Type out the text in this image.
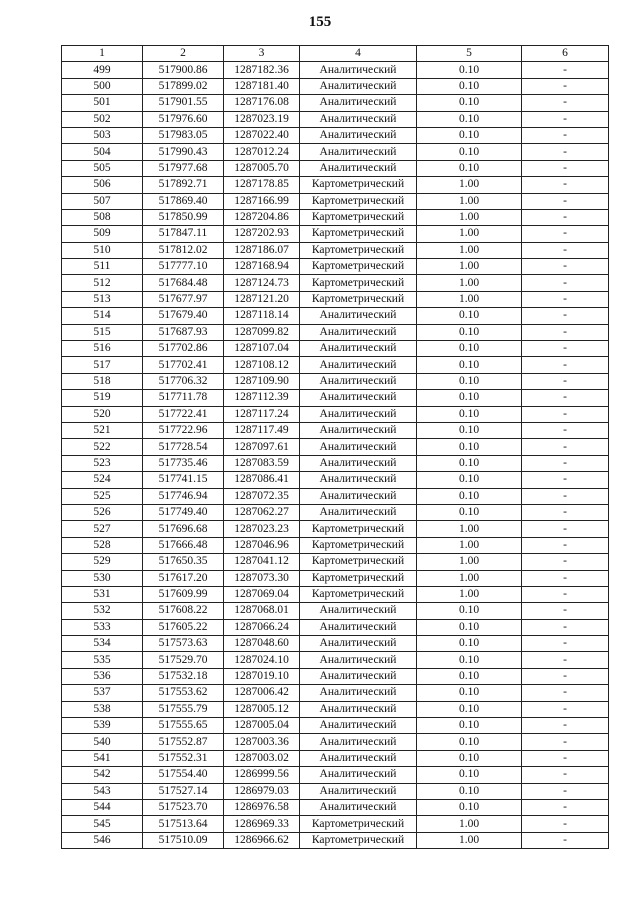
155
1	2	3	4	5	6
499	517900.86	1287182.36	Аналитический	0.10	-
500	517899.02	1287181.40	Аналитический	0.10	-
501	517901.55	1287176.08	Аналитический	0.10	-
502	517976.60	1287023.19	Аналитический	0.10	-
503	517983.05	1287022.40	Аналитический	0.10	-
504	517990.43	1287012.24	Аналитический	0.10	-
505	517977.68	1287005.70	Аналитический	0.10	-
506	517892.71	1287178.85	Картометрический	1.00	-
507	517869.40	1287166.99	Картометрический	1.00	-
508	517850.99	1287204.86	Картометрический	1.00	-
509	517847.11	1287202.93	Картометрический	1.00	-
510	517812.02	1287186.07	Картометрический	1.00	-
511	517777.10	1287168.94	Картометрический	1.00	-
512	517684.48	1287124.73	Картометрический	1.00	-
513	517677.97	1287121.20	Картометрический	1.00	-
514	517679.40	1287118.14	Аналитический	0.10	-
515	517687.93	1287099.82	Аналитический	0.10	-
516	517702.86	1287107.04	Аналитический	0.10	-
517	517702.41	1287108.12	Аналитический	0.10	-
518	517706.32	1287109.90	Аналитический	0.10	-
519	517711.78	1287112.39	Аналитический	0.10	-
520	517722.41	1287117.24	Аналитический	0.10	-
521	517722.96	1287117.49	Аналитический	0.10	-
522	517728.54	1287097.61	Аналитический	0.10	-
523	517735.46	1287083.59	Аналитический	0.10	-
524	517741.15	1287086.41	Аналитический	0.10	-
525	517746.94	1287072.35	Аналитический	0.10	-
526	517749.40	1287062.27	Аналитический	0.10	-
527	517696.68	1287023.23	Картометрический	1.00	-
528	517666.48	1287046.96	Картометрический	1.00	-
529	517650.35	1287041.12	Картометрический	1.00	-
530	517617.20	1287073.30	Картометрический	1.00	-
531	517609.99	1287069.04	Картометрический	1.00	-
532	517608.22	1287068.01	Аналитический	0.10	-
533	517605.22	1287066.24	Аналитический	0.10	-
534	517573.63	1287048.60	Аналитический	0.10	-
535	517529.70	1287024.10	Аналитический	0.10	-
536	517532.18	1287019.10	Аналитический	0.10	-
537	517553.62	1287006.42	Аналитический	0.10	-
538	517555.79	1287005.12	Аналитический	0.10	-
539	517555.65	1287005.04	Аналитический	0.10	-
540	517552.87	1287003.36	Аналитический	0.10	-
541	517552.31	1287003.02	Аналитический	0.10	-
542	517554.40	1286999.56	Аналитический	0.10	-
543	517527.14	1286979.03	Аналитический	0.10	-
544	517523.70	1286976.58	Аналитический	0.10	-
545	517513.64	1286969.33	Картометрический	1.00	-
546	517510.09	1286966.62	Картометрический	1.00	-
